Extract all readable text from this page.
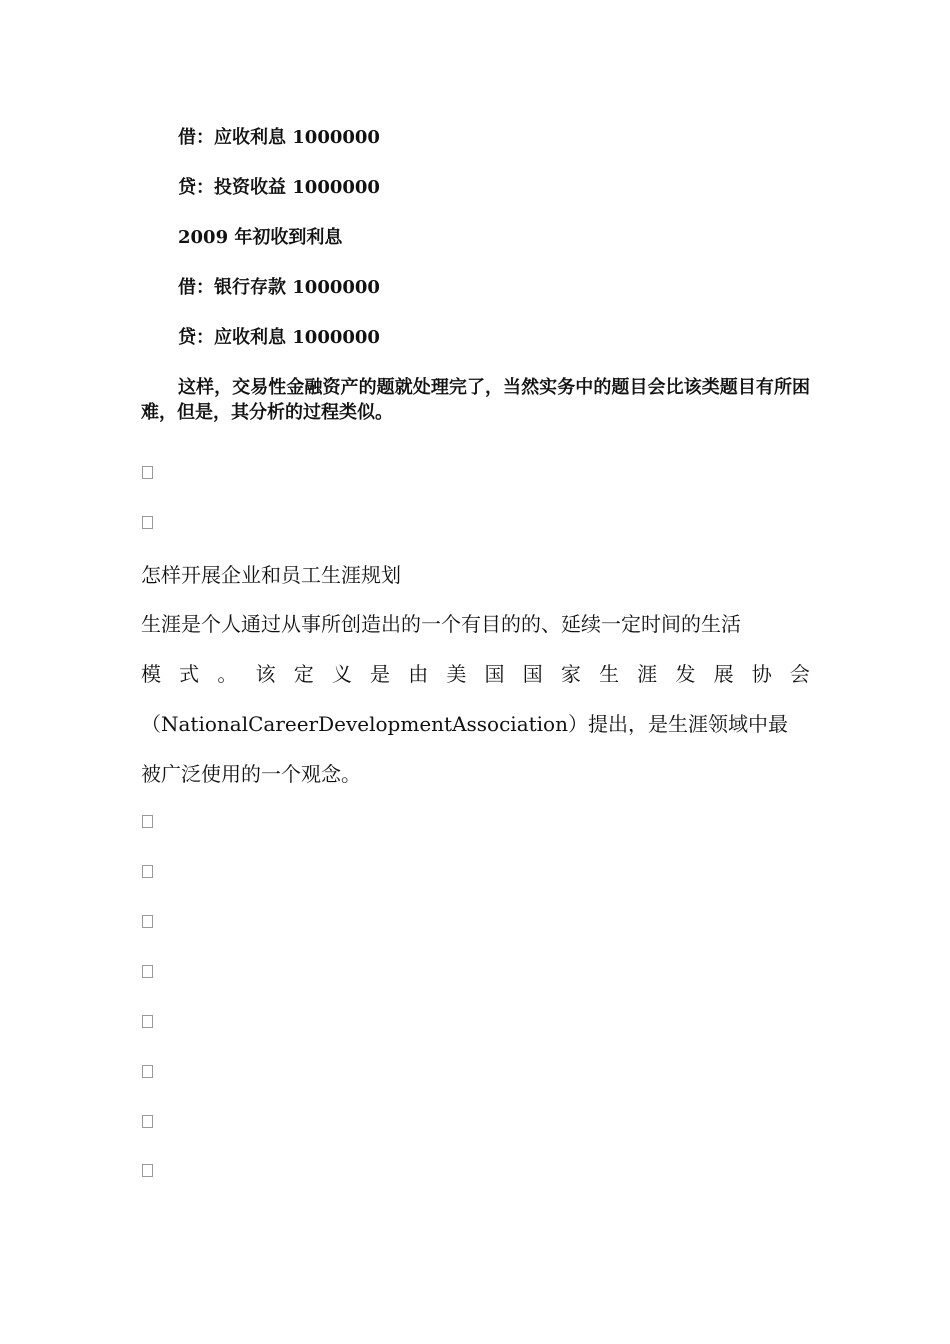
借：应收利息 1000000
贷：投资收益 1000000
2009 年初收到利息
借：银行存款 1000000
贷：应收利息 1000000
这样，交易性金融资产的题就处理完了，当然实务中的题目会比该类题目有所困难，但是，其分析的过程类似。
怎样开展企业和员工生涯规划
生涯是个人通过从事所创造出的一个有目的的、延续一定时间的生活
模 式 。 该 定 义 是 由 美 国 国 家 生 涯 发 展 协 会
（NationalCareerDevelopmentAssociation）提出，是生涯领域中最
被广泛使用的一个观念。
